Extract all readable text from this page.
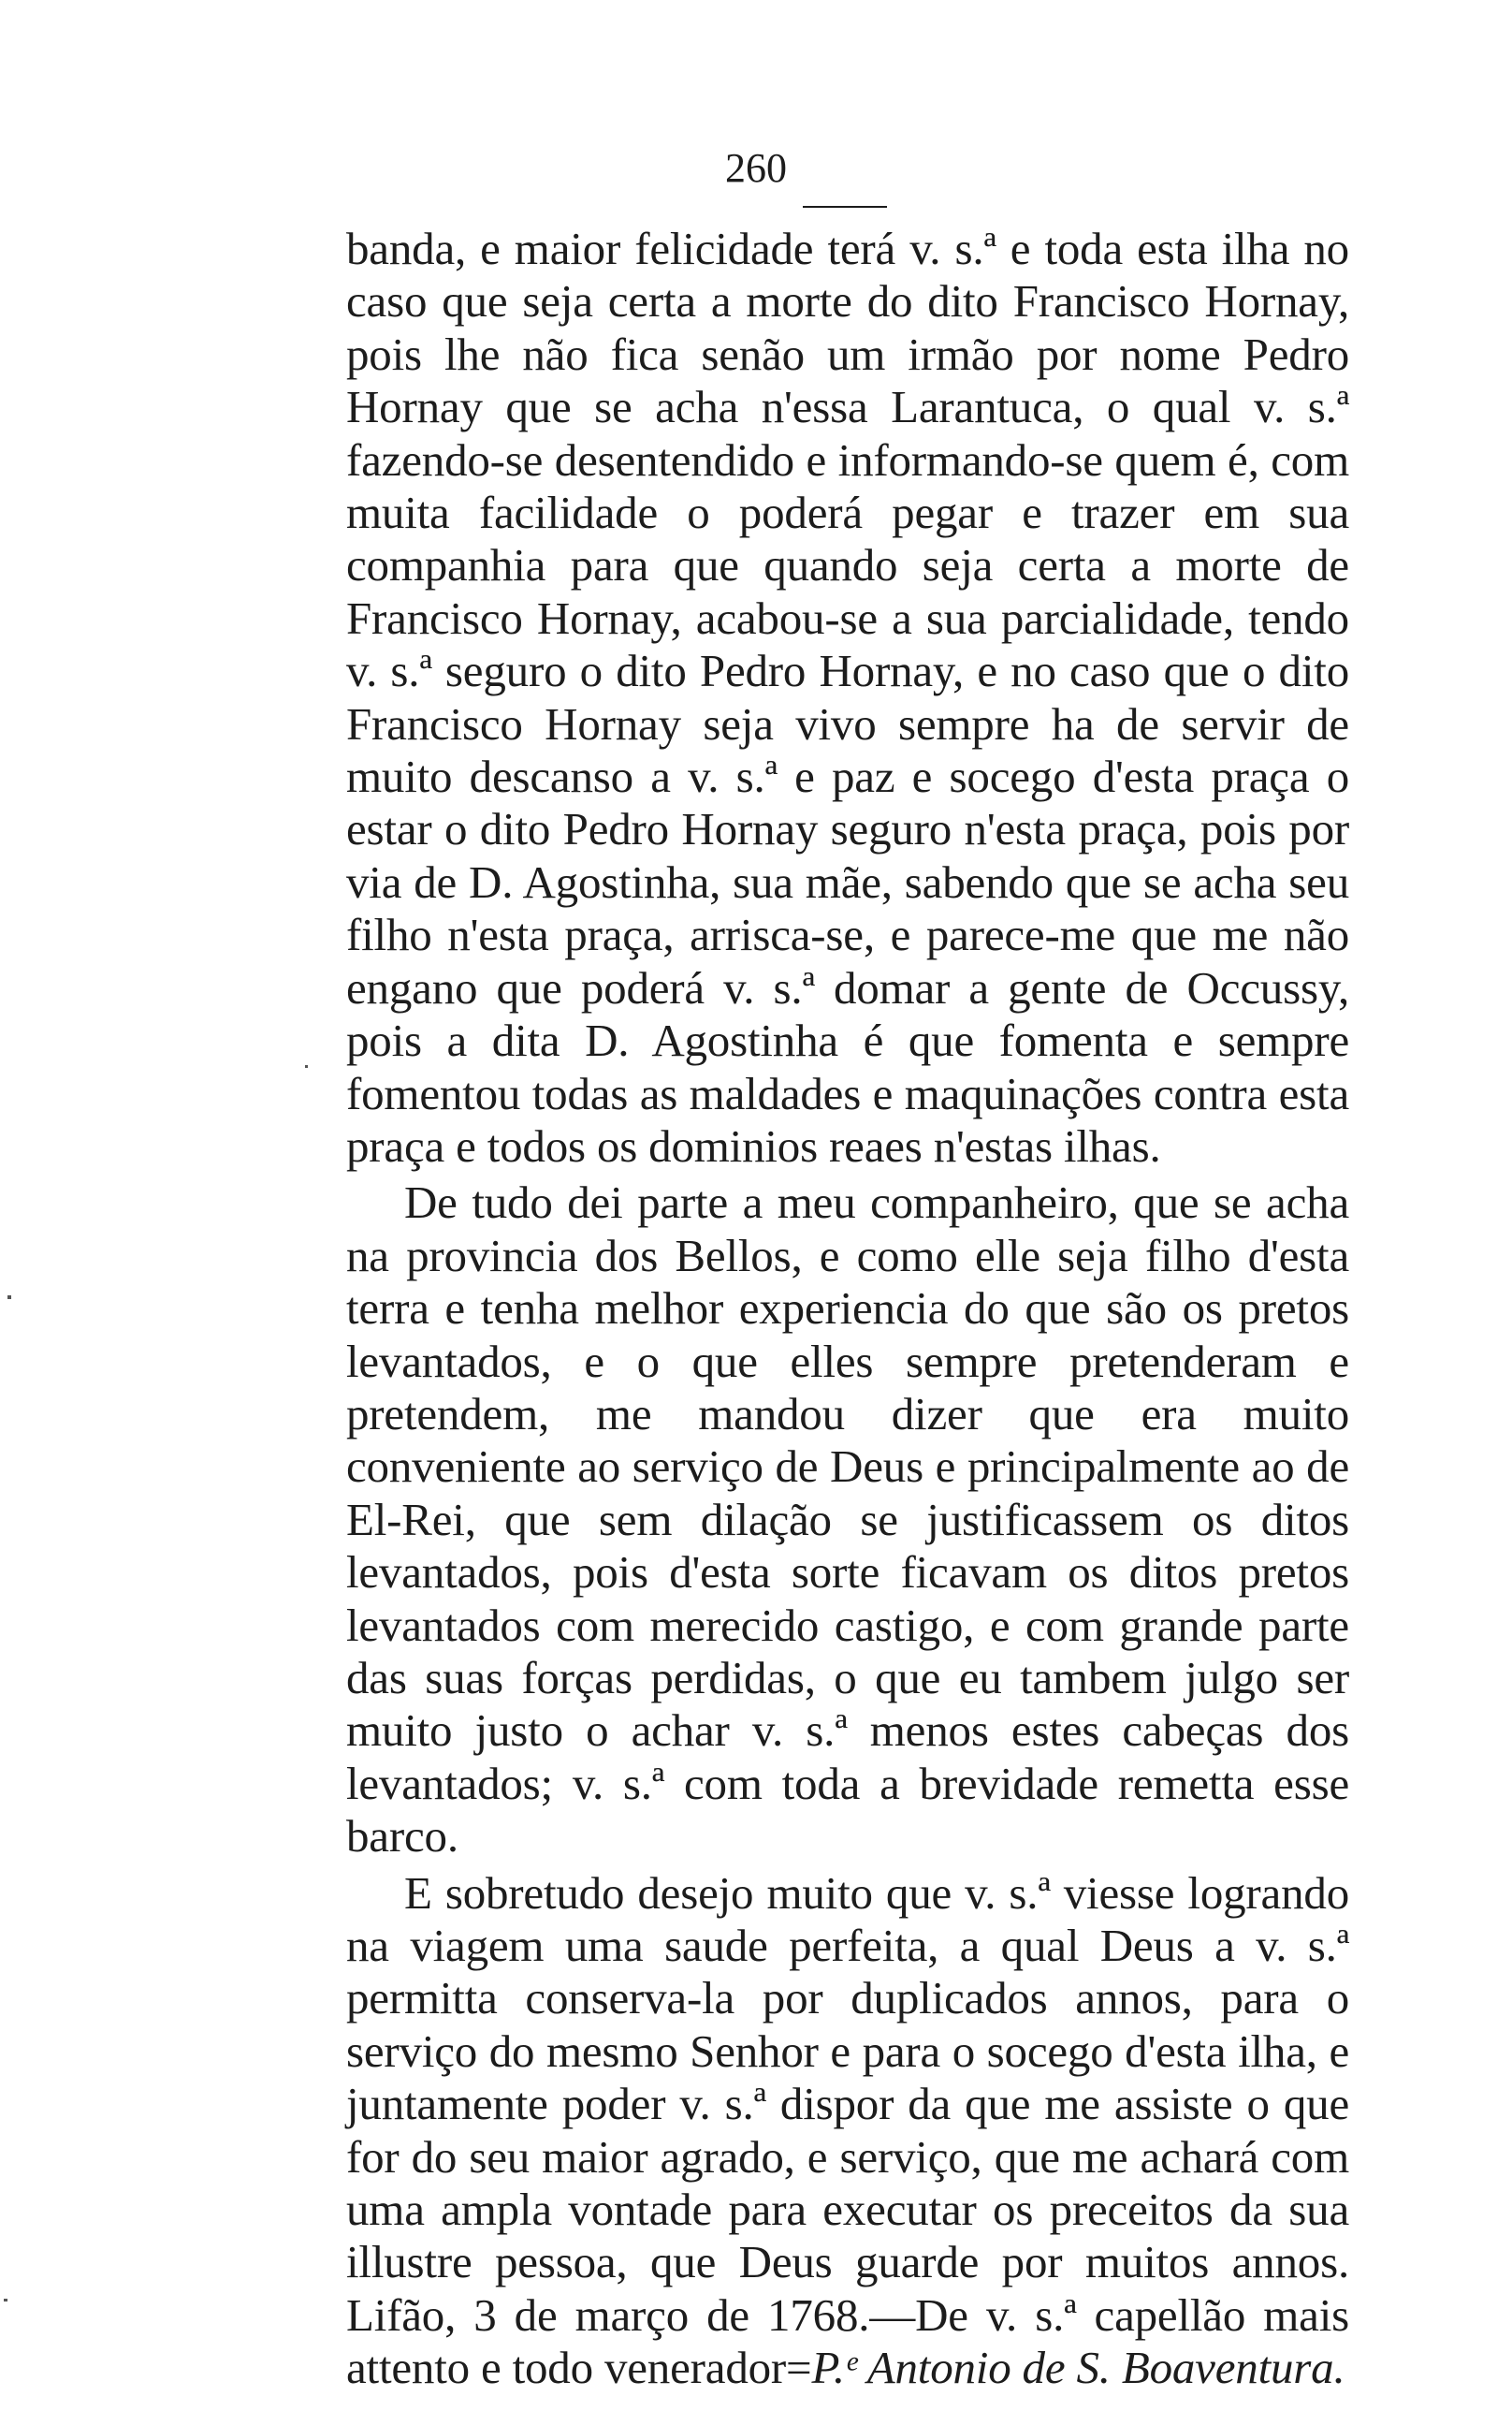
260

banda, e maior felicidade terá v. s.ª e toda esta ilha no caso que seja certa a morte do dito Francisco Hornay, pois lhe não fica senão um irmão por nome Pedro Hornay que se acha n'essa Larantuca, o qual v. s.ª fazendo-se desentendido e informando-se quem é, com muita facilidade o poderá pegar e trazer em sua companhia para que quando seja certa a morte de Francisco Hornay, acabou-se a sua parcialidade, tendo v. s.ª seguro o dito Pedro Hornay, e no caso que o dito Francisco Hornay seja vivo sempre ha de servir de muito descanso a v. s.ª e paz e socego d'esta praça o estar o dito Pedro Hornay seguro n'esta praça, pois por via de D. Agostinha, sua mãe, sabendo que se acha seu filho n'esta praça, arrisca-se, e parece-me que me não engano que poderá v. s.ª domar a gente de Occussy, pois a dita D. Agostinha é que fomenta e sempre fomentou todas as maldades e maquinações contra esta praça e todos os dominios reaes n'estas ilhas.

De tudo dei parte a meu companheiro, que se acha na provincia dos Bellos, e como elle seja filho d'esta terra e tenha melhor experiencia do que são os pretos levantados, e o que elles sempre pretenderam e pretendem, me mandou dizer que era muito conveniente ao serviço de Deus e principalmente ao de El-Rei, que sem dilação se justificassem os ditos levantados, pois d'esta sorte ficavam os ditos pretos levantados com merecido castigo, e com grande parte das suas forças perdidas, o que eu tambem julgo ser muito justo o achar v. s.ª menos estes cabeças dos levantados; v. s.ª com toda a brevidade remetta esse barco.

E sobretudo desejo muito que v. s.ª viesse logrando na viagem uma saude perfeita, a qual Deus a v. s.ª permitta conserva-la por duplicados annos, para o serviço do mesmo Senhor e para o socego d'esta ilha, e juntamente poder v. s.ª dispor da que me assiste o que for do seu maior agrado, e serviço, que me achará com uma ampla vontade para executar os preceitos da sua illustre pessoa, que Deus guarde por muitos annos. Lifão, 3 de março de 1768.—De v. s.ª capellão mais attento e todo venerador=P.ᵉ Antonio de S. Boaventura.
